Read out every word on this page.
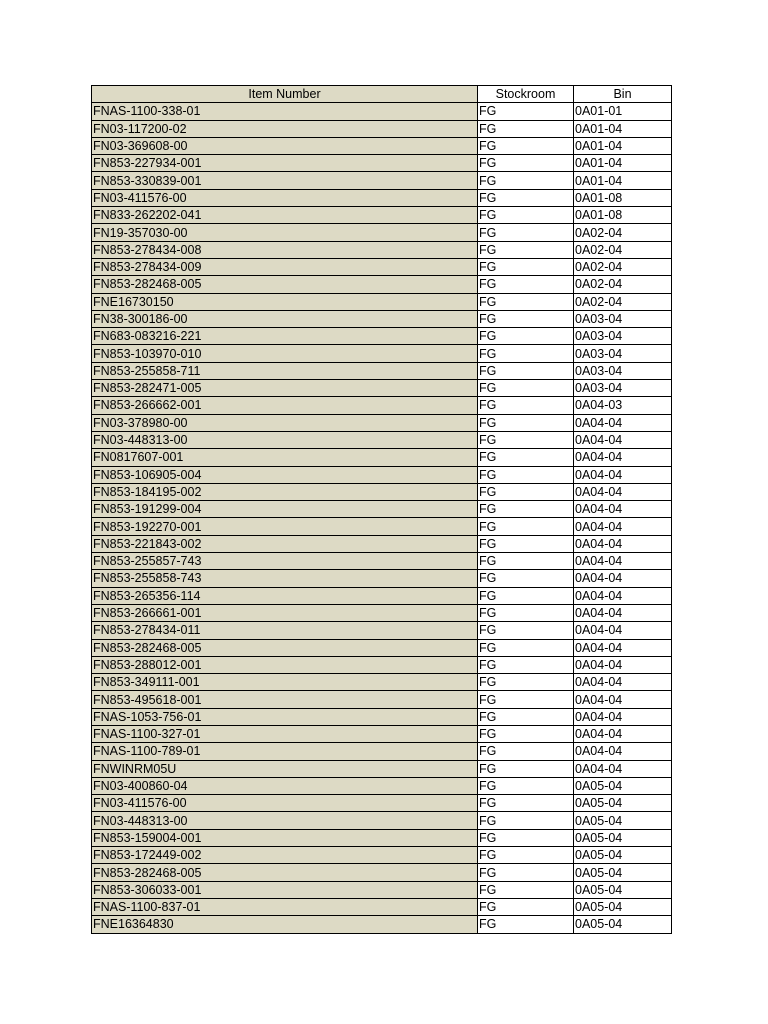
Item Number	Stockroom	Bin
FNAS-1100-338-01	FG	0A01-01
FN03-117200-02	FG	0A01-04
FN03-369608-00	FG	0A01-04
FN853-227934-001	FG	0A01-04
FN853-330839-001	FG	0A01-04
FN03-411576-00	FG	0A01-08
FN833-262202-041	FG	0A01-08
FN19-357030-00	FG	0A02-04
FN853-278434-008	FG	0A02-04
FN853-278434-009	FG	0A02-04
FN853-282468-005	FG	0A02-04
FNE16730150	FG	0A02-04
FN38-300186-00	FG	0A03-04
FN683-083216-221	FG	0A03-04
FN853-103970-010	FG	0A03-04
FN853-255858-711	FG	0A03-04
FN853-282471-005	FG	0A03-04
FN853-266662-001	FG	0A04-03
FN03-378980-00	FG	0A04-04
FN03-448313-00	FG	0A04-04
FN0817607-001	FG	0A04-04
FN853-106905-004	FG	0A04-04
FN853-184195-002	FG	0A04-04
FN853-191299-004	FG	0A04-04
FN853-192270-001	FG	0A04-04
FN853-221843-002	FG	0A04-04
FN853-255857-743	FG	0A04-04
FN853-255858-743	FG	0A04-04
FN853-265356-114	FG	0A04-04
FN853-266661-001	FG	0A04-04
FN853-278434-011	FG	0A04-04
FN853-282468-005	FG	0A04-04
FN853-288012-001	FG	0A04-04
FN853-349111-001	FG	0A04-04
FN853-495618-001	FG	0A04-04
FNAS-1053-756-01	FG	0A04-04
FNAS-1100-327-01	FG	0A04-04
FNAS-1100-789-01	FG	0A04-04
FNWINRM05U	FG	0A04-04
FN03-400860-04	FG	0A05-04
FN03-411576-00	FG	0A05-04
FN03-448313-00	FG	0A05-04
FN853-159004-001	FG	0A05-04
FN853-172449-002	FG	0A05-04
FN853-282468-005	FG	0A05-04
FN853-306033-001	FG	0A05-04
FNAS-1100-837-01	FG	0A05-04
FNE16364830	FG	0A05-04
